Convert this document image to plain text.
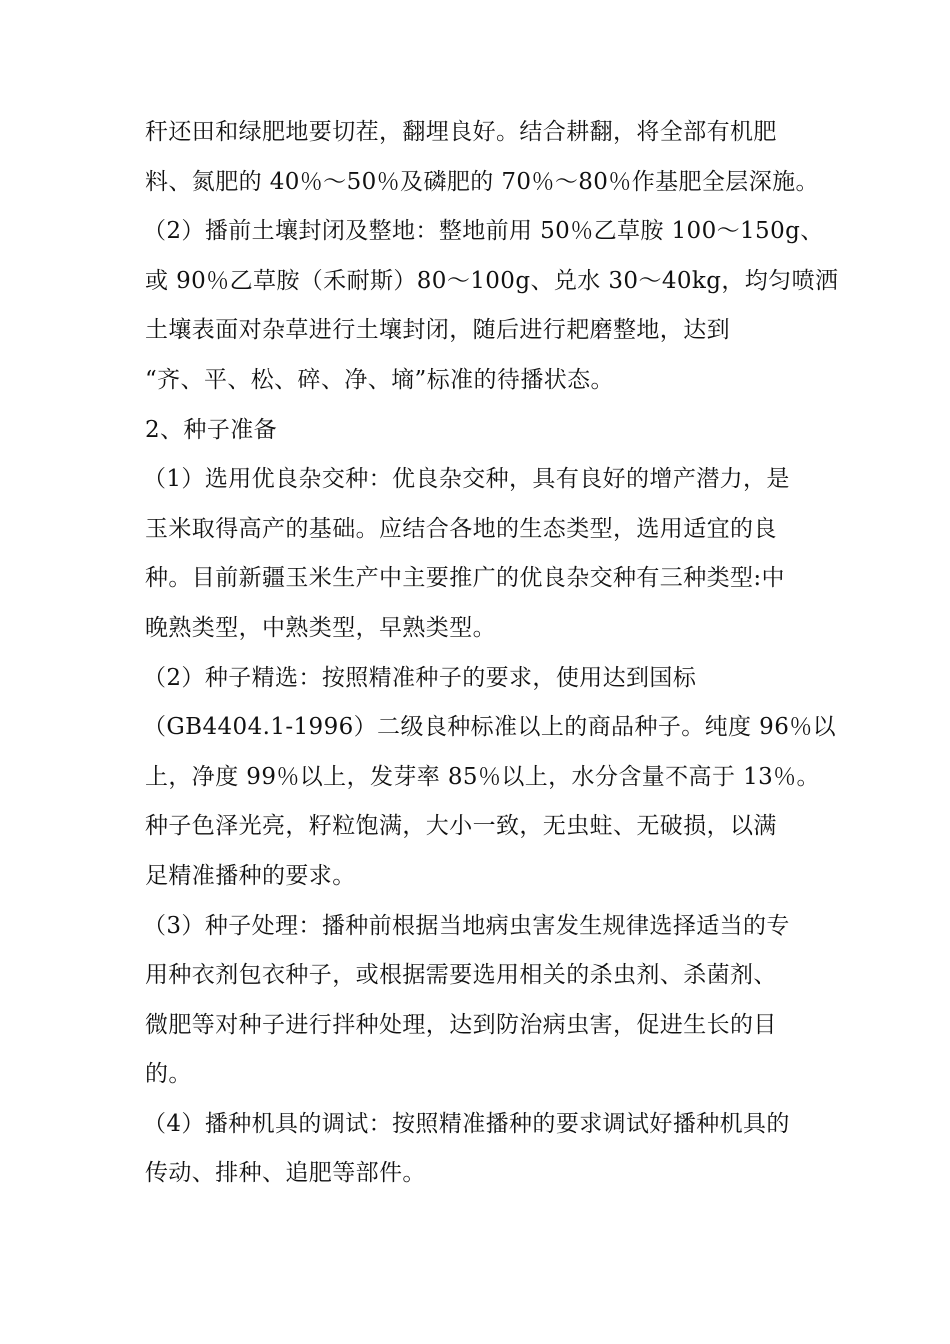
秆还田和绿肥地要切茬，翻埋良好。结合耕翻，将全部有机肥
料、氮肥的 40％～50％及磷肥的 70％～80％作基肥全层深施。
（2）播前土壤封闭及整地：整地前用 50％乙草胺 100～150g、
或 90％乙草胺（禾耐斯）80～100g、兑水 30～40kg，均匀喷洒
土壤表面对杂草进行土壤封闭，随后进行耙磨整地，达到
“齐、平、松、碎、净、墒”标准的待播状态。
2、种子准备
（1）选用优良杂交种：优良杂交种，具有良好的增产潜力，是
玉米取得高产的基础。应结合各地的生态类型，选用适宜的良
种。目前新疆玉米生产中主要推广的优良杂交种有三种类型:中
晚熟类型，中熟类型，早熟类型。
（2）种子精选：按照精准种子的要求，使用达到国标
（GB4404.1-1996）二级良种标准以上的商品种子。纯度 96％以
上，净度 99％以上，发芽率 85％以上，水分含量不高于 13％。
种子色泽光亮，籽粒饱满，大小一致，无虫蛀、无破损，以满
足精准播种的要求。
（3）种子处理：播种前根据当地病虫害发生规律选择适当的专
用种衣剂包衣种子，或根据需要选用相关的杀虫剂、杀菌剂、
微肥等对种子进行拌种处理，达到防治病虫害，促进生长的目
的。
（4）播种机具的调试：按照精准播种的要求调试好播种机具的
传动、排种、追肥等部件。
